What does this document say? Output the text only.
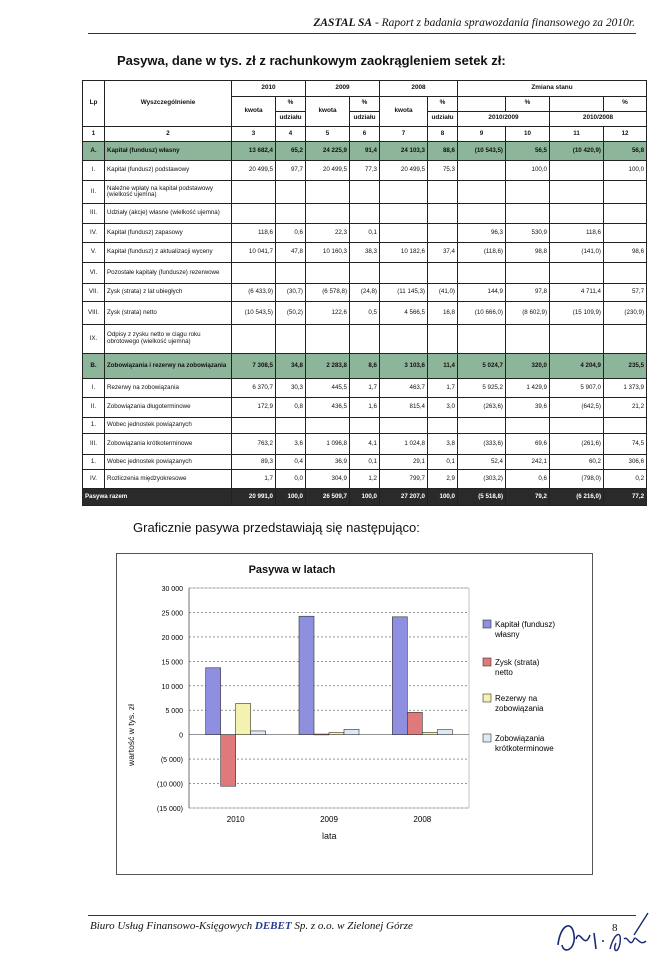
ZASTAL SA - Raport z badania sprawozdania finansowego za 2010r.
Pasywa, dane w tys. zł z rachunkowym zaokrągleniem setek zł:
Lp	Wyszczególnienie	2010		2009		2008		Zmiana stanu			
		kwota	%	kwota	%	kwota	%		%		%
			udziału		udziału		udziału	2010/2009		2010/2008	
1	2	3	4	5	6	7	8	9	10	11	12
A.	Kapitał (fundusz) własny	13 682,4	65,2	24 225,9	91,4	24 103,3	88,6	(10 543,5)	56,5	(10 420,9)	56,8
I.	Kapitał (fundusz) podstawowy	20 499,5	97,7	20 499,5	77,3	20 499,5	75,3		100,0		100,0
II.	Należne wpłaty na kapitał podstawowy (wielkość ujemna)										
III.	Udziały (akcje) własne (wielkość ujemna)										
IV.	Kapitał (fundusz) zapasowy	118,6	0,6	22,3	0,1			96,3	530,9	118,6	
V.	Kapitał (fundusz) z aktualizacji wyceny	10 041,7	47,8	10 160,3	38,3	10 182,6	37,4	(118,6)	98,8	(141,0)	98,6
VI.	Pozostałe kapitały (fundusze) rezerwowe										
VII.	Zysk (strata) z lat ubiegłych	(6 433,9)	(30,7)	(6 578,8)	(24,8)	(11 145,3)	(41,0)	144,9	97,8	4 711,4	57,7
VIII.	Zysk (strata) netto	(10 543,5)	(50,2)	122,6	0,5	4 566,5	16,8	(10 666,0)	(8 602,9)	(15 109,9)	(230,9)
IX.	Odpisy z zysku netto w ciągu roku obrotowego (wielkość ujemna)										
B.	Zobowiązania i rezerwy na zobowiązania	7 308,5	34,8	2 283,8	8,6	3 103,6	11,4	5 024,7	320,0	4 204,9	235,5
I.	Rezerwy na zobowiązania	6 370,7	30,3	445,5	1,7	463,7	1,7	5 925,2	1 429,9	5 907,0	1 373,9
II.	Zobowiązania długoterminowe	172,9	0,8	436,5	1,6	815,4	3,0	(263,6)	39,6	(642,5)	21,2
1.	Wobec jednostek powiązanych										
III.	Zobowiązania krótkoterminowe	763,2	3,6	1 096,8	4,1	1 024,8	3,8	(333,6)	69,6	(261,6)	74,5
1.	Wobec jednostek powiązanych	89,3	0,4	36,9	0,1	29,1	0,1	52,4	242,1	60,2	306,6
IV.	Rozliczenia międzyokresowe	1,7	0,0	304,9	1,2	799,7	2,9	(303,2)	0,6	(798,0)	0,2
Pasywa razem		20 991,0	100,0	26 509,7	100,0	27 207,0	100,0	(5 518,8)	79,2	(6 216,0)	77,2
Graficznie pasywa przedstawiają się następująco:
Pasywa w latach
wartość w tys. zł
lata
30 000
25 000
20 000
15 000
10 000
5 000
0
(5 000)
(10 000)
(15 000)
2010	2009	2008
Kapitał (fundusz) własny
Zysk (strata) netto
Rezerwy na zobowiązania
Zobowiązania krótkoterminowe
Biuro Usług Finansowo-Księgowych DEBET Sp. z o.o. w Zielonej Górze	8
